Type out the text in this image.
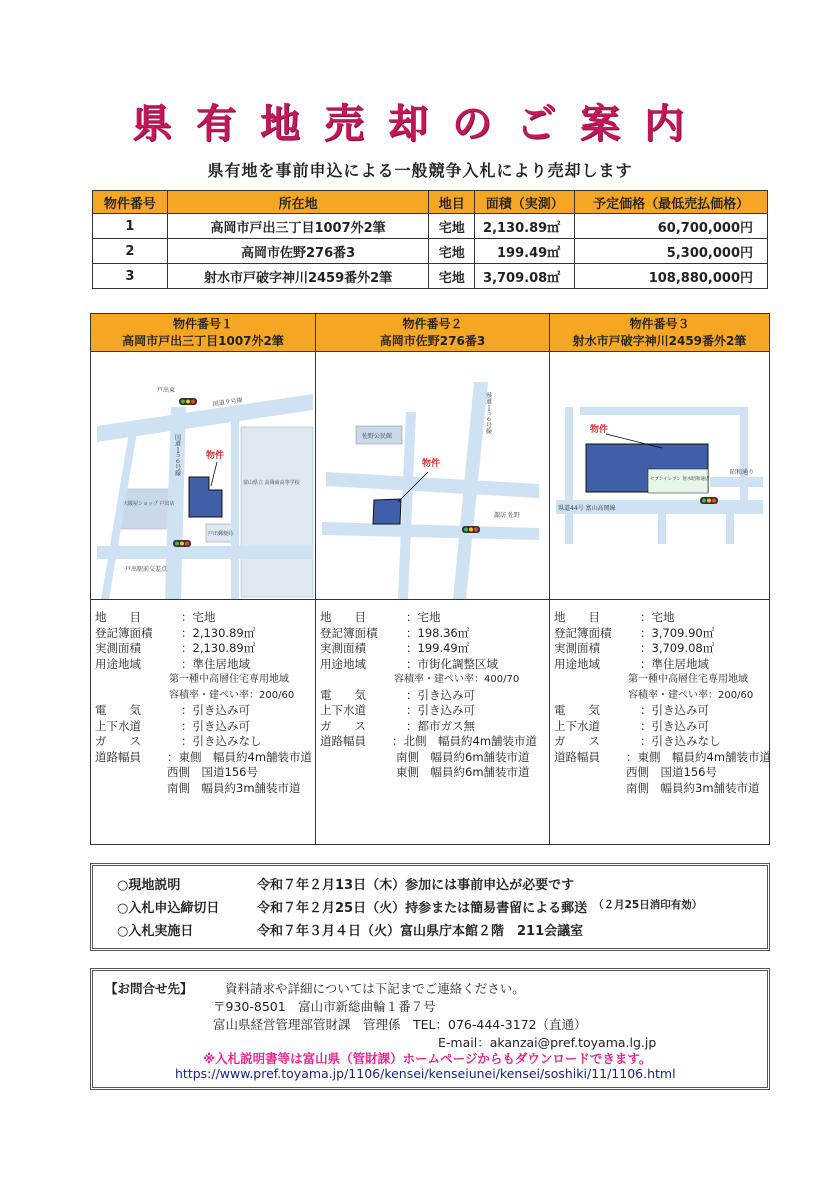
県有地売却のご案内
県有地を事前申込による一般競争入札により売却します
物件番号	所在地	地目	面積（実測）	予定価格（最低売払価格）
1	高岡市戸出三丁目1007外2筆	宅地	2,130.89㎡	60,700,000円
2	高岡市佐野276番3	宅地	199.49㎡	5,300,000円
3	射水市戸破字神川2459番外2筆	宅地	3,709.08㎡	108,880,000円
物件番号１
高岡市戸出三丁目1007外2筆
物件
戸出東
国道９号線
国道１５６号線
大阪屋ショップ 戸出店
戸出郵便局
富山県立 高岡商高等学校
戸出駅前交差点
地　　目	：宅地
登記簿面積	：2,130.89㎡
実測面積	：2,130.89㎡
用途地域	：準住居地域
第一種中高層住宅専用地域
容積率・建ぺい率：200/60
電　　気	：引き込み可
上下水道	：引き込み可
ガ　　ス	：引き込みなし
道路幅員	：東側　幅員約4m舗装市道
西側　国道156号
南側　幅員約3m舗装市道
物件番号２
高岡市佐野276番3
物件
県道１５６号線
佐野公民館
諏訪 佐野
地　　目	：宅地
登記簿面積	：198.36㎡
実測面積	：199.49㎡
用途地域	：市街化調整区域
容積率・建ぺい率：400/70
電　　気	：引き込み可
上下水道	：引き込み可
ガ　　ス	：都市ガス無
道路幅員	：北側　幅員約4m舗装市道
南側　幅員約6m舗装市道
東側　幅員約6m舗装市道
物件番号３
射水市戸破字神川2459番外2筆
物件
セブンイレブン 射水昭和通店
昭和通り
県道44号 富山高岡線
地　　目	：宅地
登記簿面積	：3,709.90㎡
実測面積	：3,709.08㎡
用途地域	：準住居地域
第一種中高層住宅専用地域
容積率・建ぺい率：200/60
電　　気	：引き込み可
上下水道	：引き込み可
ガ　　ス	：引き込みなし
道路幅員	：東側　幅員約4m舗装市道
西側　国道156号
南側　幅員約3m舗装市道
○現地説明	令和７年２月13日（木）参加には事前申込が必要です
○入札申込締切日	令和７年２月25日（火）持参または簡易書留による郵送 （２月25日消印有効）
○入札実施日	令和７年３月４日（火）富山県庁本館２階　211会議室
【お問合せ先】	資料請求や詳細については下記までご連絡ください。
〒930-8501　富山市新総曲輪１番７号
富山県経営管理部管財課　管理係　TEL：076-444-3172（直通）
E-mail：akanzai@pref.toyama.lg.jp
※入札説明書等は富山県（管財課）ホームページからもダウンロードできます。
https://www.pref.toyama.jp/1106/kensei/kenseiunei/kensei/soshiki/11/1106.html
